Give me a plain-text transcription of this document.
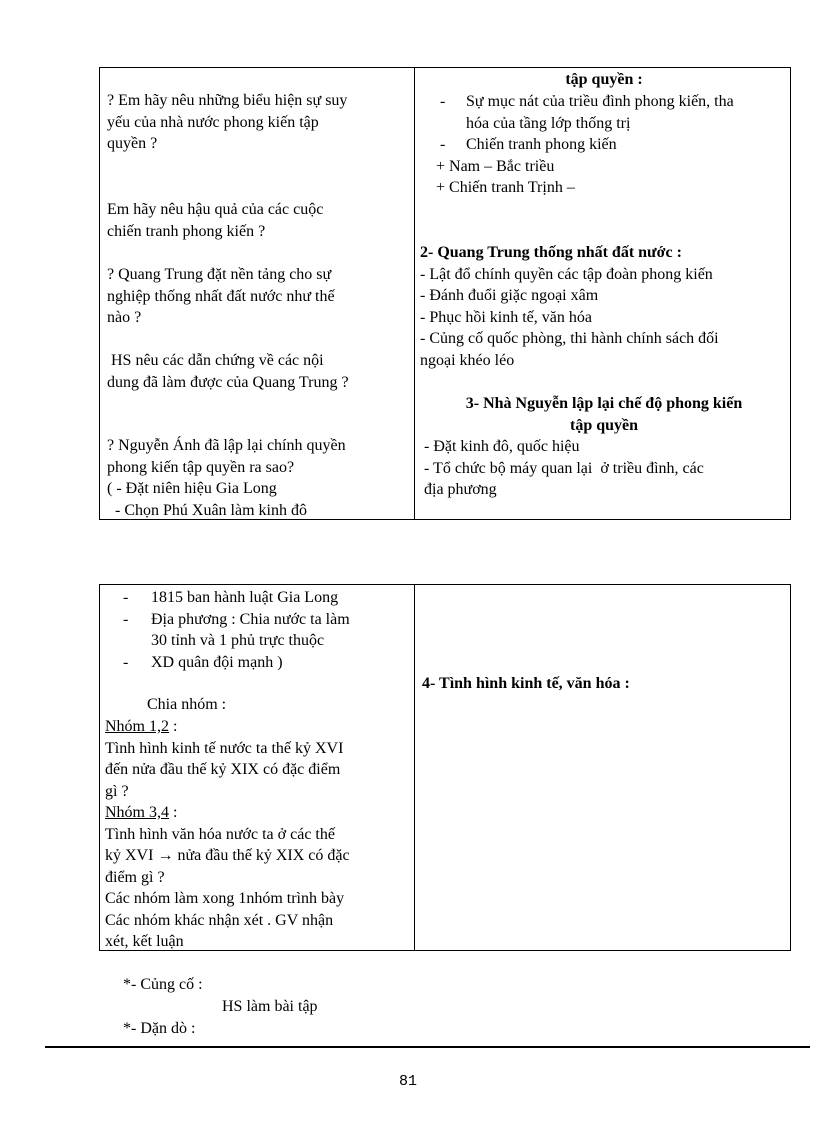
? Em hãy nêu những biểu hiện sự suy
yếu của nhà nước phong kiến tập
quyền ?
Em hãy nêu hậu quả của các cuộc
chiến tranh phong kiến ?
? Quang Trung đặt nền tảng cho sự
nghiệp thống nhất đất nước như thế
nào ?
HS nêu các dẫn chứng về các nội
dung đã làm được của Quang Trung ?
? Nguyễn Ánh đã lập lại chính quyền
phong kiến tập quyền ra sao?
( - Đặt niên hiệu Gia Long
- Chọn Phú Xuân làm kinh đô
tập quyền :
- Sự mục nát của triều đình phong kiến, tha
hóa của tầng lớp thống trị
- Chiến tranh phong kiến
+ Nam – Bắc triều
+ Chiến tranh Trịnh –
2- Quang Trung thống nhất đất nước :
- Lật đổ chính quyền các tập đoàn phong kiến
- Đánh đuổi giặc ngoại xâm
- Phục hồi kinh tế, văn hóa
- Củng cố quốc phòng, thi hành chính sách đối
ngoại khéo léo
3- Nhà Nguyễn lập lại chế độ phong kiến
tập quyền
- Đặt kinh đô, quốc hiệu
- Tổ chức bộ máy quan lại  ở triều đình, các
địa phương
- 1815 ban hành luật Gia Long
- Địa phương : Chia nước ta làm
30 tỉnh và 1 phủ trực thuộc
- XD quân đội mạnh )
Chia nhóm :
Nhóm 1,2 :
Tình hình kinh tế nước ta thế kỷ XVI
đến nửa đầu thế kỷ XIX có đặc điểm
gì ?
Nhóm 3,4 :
Tình hình văn hóa nước ta ở các thế
kỷ XVI → nửa đầu thế kỷ XIX có đặc
điểm gì ?
Các nhóm làm xong 1nhóm trình bày
Các nhóm khác nhận xét . GV nhận
xét, kết luận
4- Tình hình kinh tế, văn hóa :
*- Củng cố :
HS làm bài tập
*- Dặn dò :
81
